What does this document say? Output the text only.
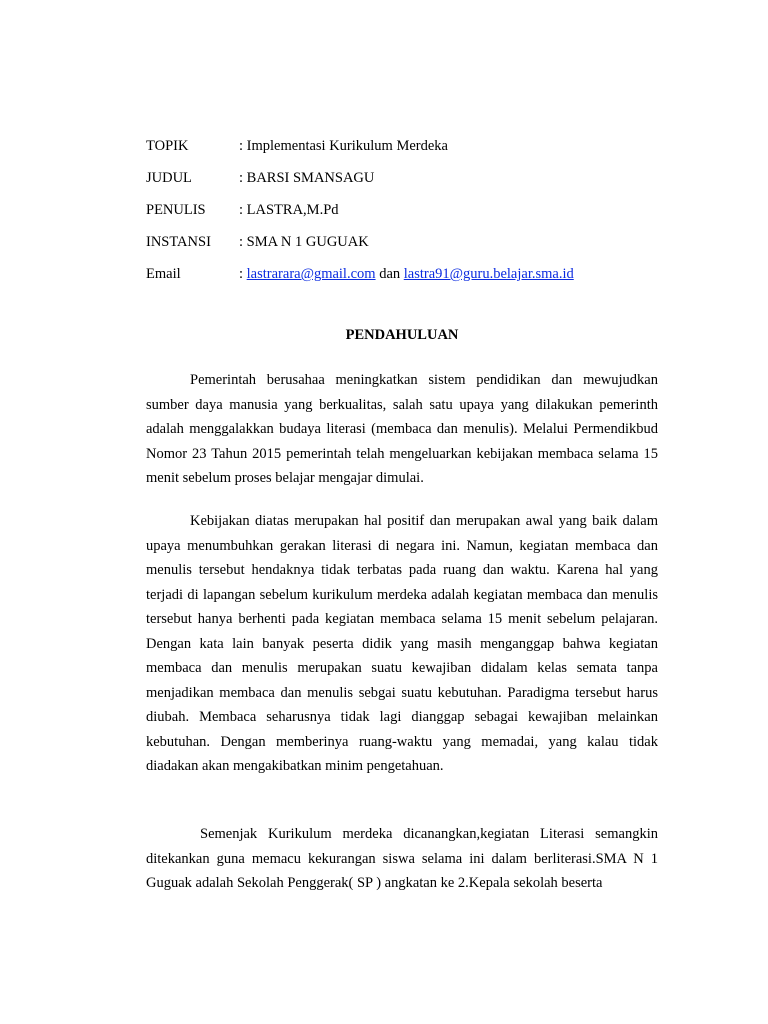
TOPIK	: Implementasi Kurikulum Merdeka
JUDUL	: BARSI SMANSAGU
PENULIS : LASTRA,M.Pd
INSTANSI : SMA N 1 GUGUAK
Email	: lastrarara@gmail.com dan lastra91@guru.belajar.sma.id
PENDAHULUAN

Pemerintah berusahaa meningkatkan sistem pendidikan dan mewujudkan sumber daya manusia yang berkualitas, salah satu upaya yang dilakukan pemerinth adalah menggalakkan budaya literasi (membaca dan menulis). Melalui Permendikbud Nomor 23 Tahun 2015 pemerintah telah mengeluarkan kebijakan membaca selama 15 menit sebelum proses belajar mengajar dimulai.

Kebijakan diatas merupakan hal positif dan merupakan awal yang baik dalam upaya menumbuhkan gerakan literasi di negara ini. Namun, kegiatan membaca dan menulis tersebut hendaknya tidak terbatas pada ruang dan waktu. Karena hal yang terjadi di lapangan sebelum kurikulum merdeka adalah kegiatan membaca dan menulis tersebut hanya berhenti pada kegiatan membaca selama 15 menit sebelum pelajaran. Dengan kata lain banyak peserta didik yang masih menganggap bahwa kegiatan membaca dan menulis merupakan suatu kewajiban didalam kelas semata tanpa menjadikan membaca dan menulis sebgai suatu kebutuhan. Paradigma tersebut harus diubah. Membaca seharusnya tidak lagi dianggap sebagai kewajiban melainkan kebutuhan. Dengan memberinya ruang-waktu yang memadai, yang kalau tidak diadakan akan mengakibatkan minim pengetahuan.

Semenjak Kurikulum merdeka dicanangkan,kegiatan Literasi semangkin ditekankan guna memacu kekurangan siswa selama ini dalam berliterasi.SMA N 1 Guguak adalah Sekolah Penggerak( SP ) angkatan ke 2.Kepala sekolah beserta
